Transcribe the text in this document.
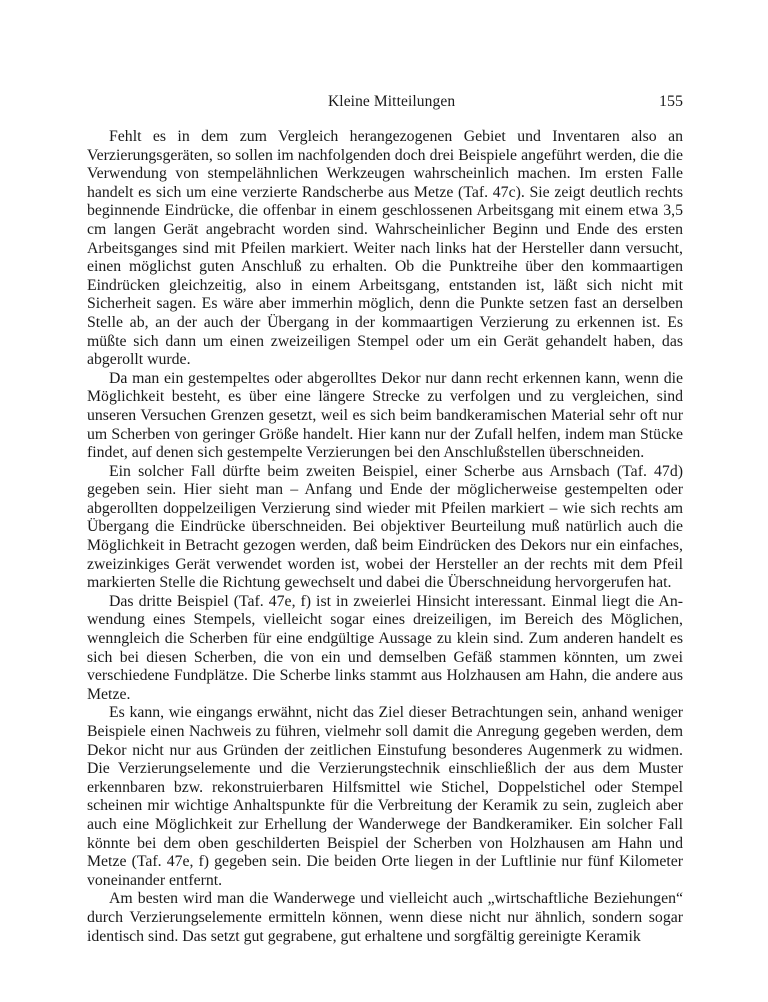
Kleine Mitteilungen	155

Fehlt es in dem zum Vergleich herangezogenen Gebiet und Inventaren also an Verzierungsgeräten, so sollen im nachfolgenden doch drei Beispiele angeführt werden, die die Verwendung von stempelähnlichen Werkzeugen wahrscheinlich machen. Im ersten Falle handelt es sich um eine verzierte Randscherbe aus Metze (Taf. 47c). Sie zeigt deutlich rechts beginnende Eindrücke, die offenbar in einem geschlossenen Arbeitsgang mit einem etwa 3,5 cm langen Gerät angebracht worden sind. Wahrscheinlicher Beginn und Ende des ersten Arbeitsganges sind mit Pfeilen markiert. Weiter nach links hat der Hersteller dann versucht, einen möglichst guten Anschluß zu erhalten. Ob die Punktreihe über den kommaartigen Eindrücken gleichzeitig, also in einem Arbeitsgang, entstanden ist, läßt sich nicht mit Sicherheit sagen. Es wäre aber immerhin möglich, denn die Punkte setzen fast an derselben Stelle ab, an der auch der Übergang in der kommaartigen Verzierung zu erkennen ist. Es müßte sich dann um einen zweizeiligen Stempel oder um ein Gerät gehandelt haben, das abgerollt wurde.

Da man ein gestempeltes oder abgerolltes Dekor nur dann recht erkennen kann, wenn die Möglichkeit besteht, es über eine längere Strecke zu verfolgen und zu vergleichen, sind unseren Versuchen Grenzen gesetzt, weil es sich beim bandkeramischen Material sehr oft nur um Scherben von geringer Größe handelt. Hier kann nur der Zufall helfen, indem man Stücke findet, auf denen sich gestempelte Verzierungen bei den Anschlußstellen überschneiden.

Ein solcher Fall dürfte beim zweiten Beispiel, einer Scherbe aus Arnsbach (Taf. 47d) gegeben sein. Hier sieht man – Anfang und Ende der möglicherweise gestempelten oder abgerollten doppelzeiligen Verzierung sind wieder mit Pfeilen markiert – wie sich rechts am Übergang die Eindrücke überschneiden. Bei objektiver Beurteilung muß natürlich auch die Möglichkeit in Betracht gezogen werden, daß beim Eindrücken des Dekors nur ein einfaches, zweizinkiges Gerät verwendet worden ist, wobei der Hersteller an der rechts mit dem Pfeil markierten Stelle die Richtung gewechselt und dabei die Überschneidung hervorgerufen hat.

Das dritte Beispiel (Taf. 47e, f) ist in zweierlei Hinsicht interessant. Einmal liegt die Anwendung eines Stempels, vielleicht sogar eines dreizeiligen, im Bereich des Möglichen, wenngleich die Scherben für eine endgültige Aussage zu klein sind. Zum anderen handelt es sich bei diesen Scherben, die von ein und demselben Gefäß stammen könnten, um zwei verschiedene Fundplätze. Die Scherbe links stammt aus Holzhausen am Hahn, die andere aus Metze.

Es kann, wie eingangs erwähnt, nicht das Ziel dieser Betrachtungen sein, anhand weniger Beispiele einen Nachweis zu führen, vielmehr soll damit die Anregung gegeben werden, dem Dekor nicht nur aus Gründen der zeitlichen Einstufung besonderes Augenmerk zu widmen. Die Verzierungselemente und die Verzierungstechnik einschließlich der aus dem Muster erkennbaren bzw. rekonstruierbaren Hilfsmittel wie Stichel, Doppelstichel oder Stempel scheinen mir wichtige Anhaltspunkte für die Verbreitung der Keramik zu sein, zugleich aber auch eine Möglichkeit zur Erhellung der Wanderwege der Bandkeramiker. Ein solcher Fall könnte bei dem oben geschilderten Beispiel der Scherben von Holzhausen am Hahn und Metze (Taf. 47e, f) gegeben sein. Die beiden Orte liegen in der Luftlinie nur fünf Kilometer voneinander entfernt.

Am besten wird man die Wanderwege und vielleicht auch „wirtschaftliche Beziehungen“ durch Verzierungselemente ermitteln können, wenn diese nicht nur ähnlich, sondern sogar identisch sind. Das setzt gut gegrabene, gut erhaltene und sorgfältig gereinigte Keramik
